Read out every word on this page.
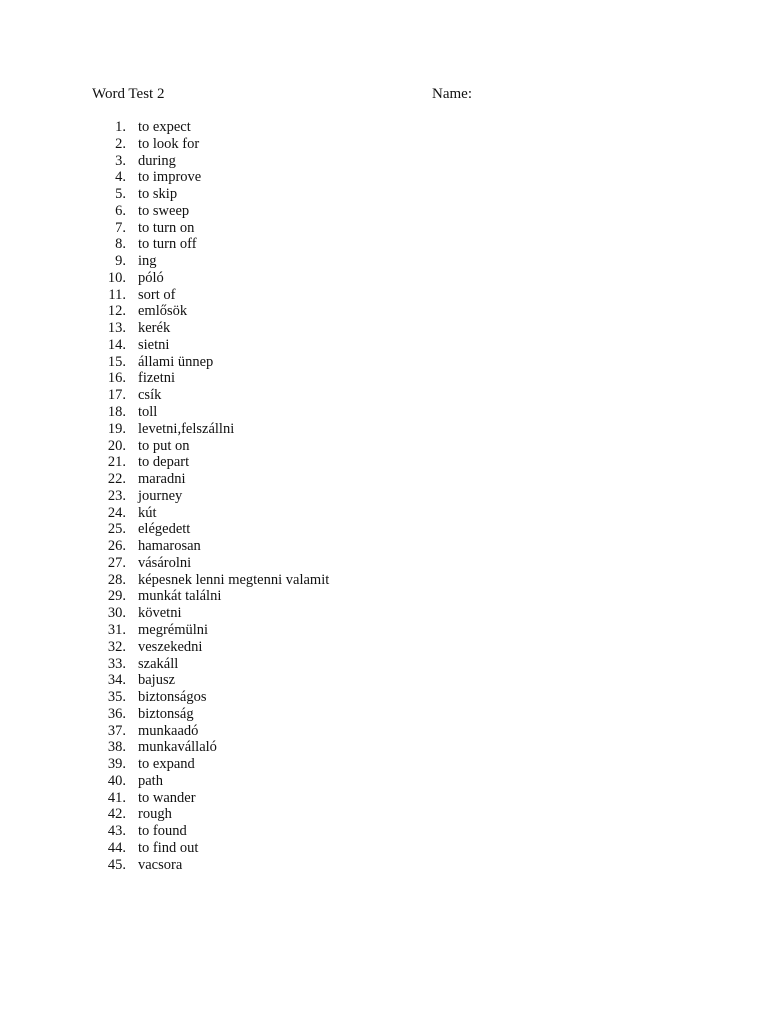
Word Test 2	Name:
1. to expect
2. to look for
3. during
4. to improve
5. to skip
6. to sweep
7. to turn on
8. to turn off
9. ing
10. póló
11. sort of
12. emlősök
13. kerék
14. sietni
15. állami ünnep
16. fizetni
17. csík
18. toll
19. levetni,felszállni
20. to put on
21. to depart
22. maradni
23. journey
24. kút
25. elégedett
26. hamarosan
27. vásárolni
28. képesnek lenni megtenni valamit
29. munkát találni
30. követni
31. megrémülni
32. veszekedni
33. szakáll
34. bajusz
35. biztonságos
36. biztonság
37. munkaadó
38. munkavállaló
39. to expand
40. path
41. to wander
42. rough
43. to found
44. to find out
45. vacsora
